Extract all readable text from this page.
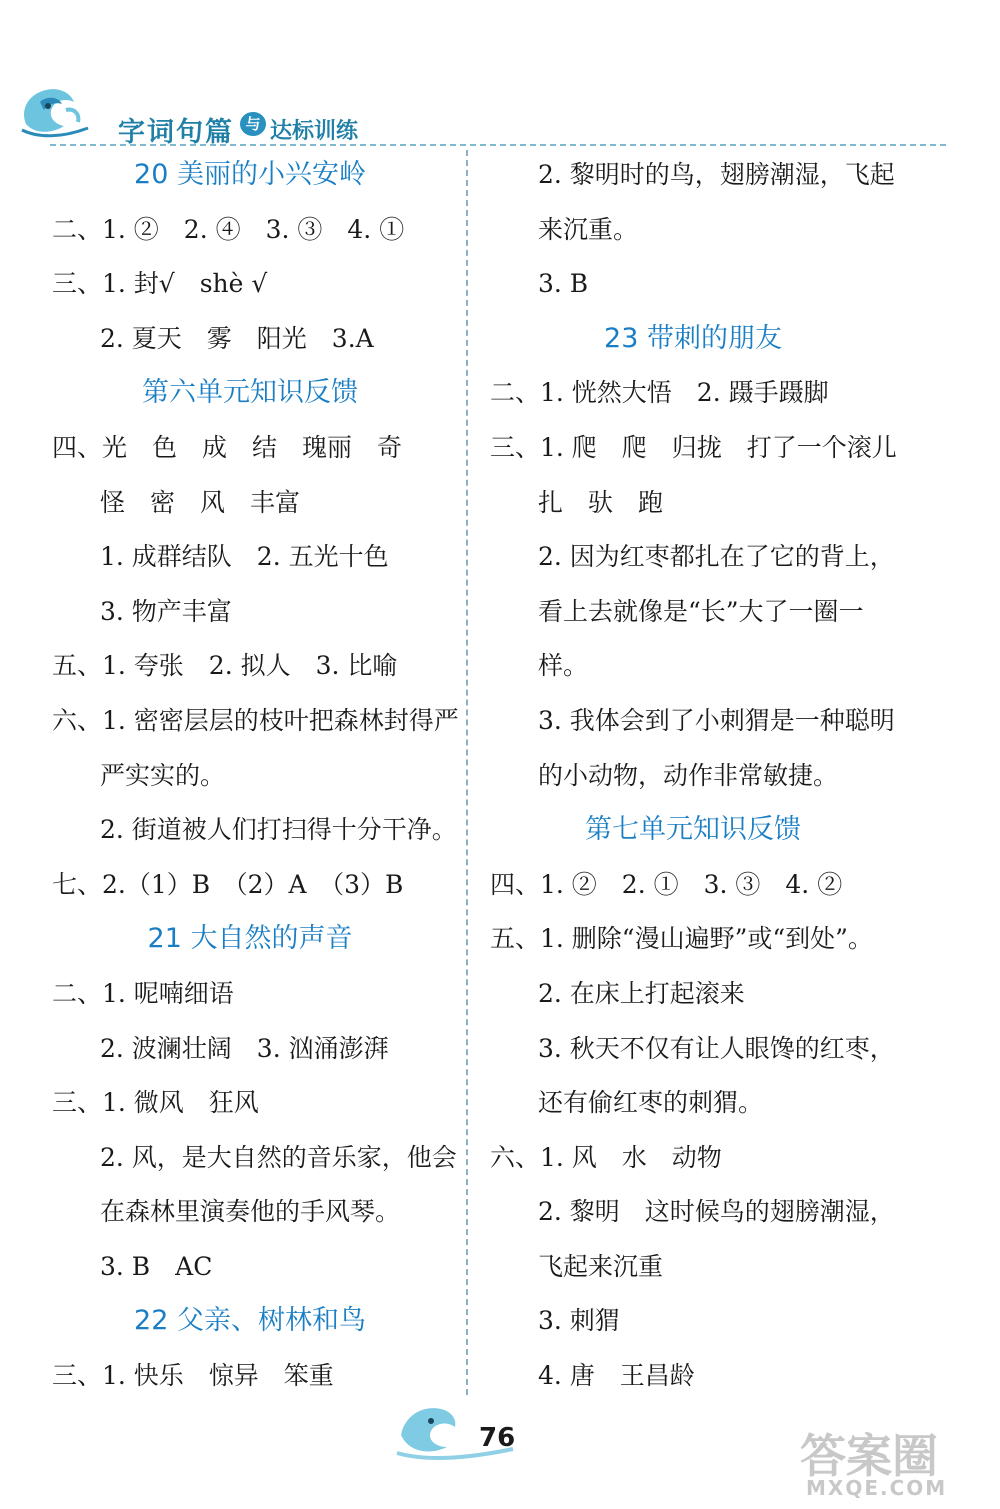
字词句篇 与 达标训练
20 美丽的小兴安岭
二、1. ②　2. ④　3. ③　4. ①
三、1. 封√　shè √
2. 夏天　雾　阳光　3.A
第六单元知识反馈
四、光　色　成　结　瑰丽　奇
怪　密　风　丰富
1. 成群结队　2. 五光十色
3. 物产丰富
五、1. 夸张　2. 拟人　3. 比喻
六、1. 密密层层的枝叶把森林封得严
严实实的。
2. 街道被人们打扫得十分干净。
七、2.（1）B　（2）A　（3）B
21 大自然的声音
二、1. 呢喃细语
2. 波澜壮阔　3. 汹涌澎湃
三、1. 微风　狂风
2. 风，是大自然的音乐家，他会
在森林里演奏他的手风琴。
3. B　AC
22 父亲、树林和鸟
三、1. 快乐　惊异　笨重
2. 黎明时的鸟，翅膀潮湿，飞起
来沉重。
3. B
23 带刺的朋友
二、1. 恍然大悟　2. 蹑手蹑脚
三、1. 爬　爬　归拢　打了一个滚儿
扎　驮　跑
2. 因为红枣都扎在了它的背上，
看上去就像是“长”大了一圈一
样。
3. 我体会到了小刺猬是一种聪明
的小动物，动作非常敏捷。
第七单元知识反馈
四、1. ②　2. ①　3. ③　4. ②
五、1. 删除“漫山遍野”或“到处”。
2. 在床上打起滚来
3. 秋天不仅有让人眼馋的红枣，
还有偷红枣的刺猬。
六、1. 风　水　动物
2. 黎明　这时候鸟的翅膀潮湿，
飞起来沉重
3. 刺猬
4. 唐　王昌龄
76	答案圈
MXQE.COM
